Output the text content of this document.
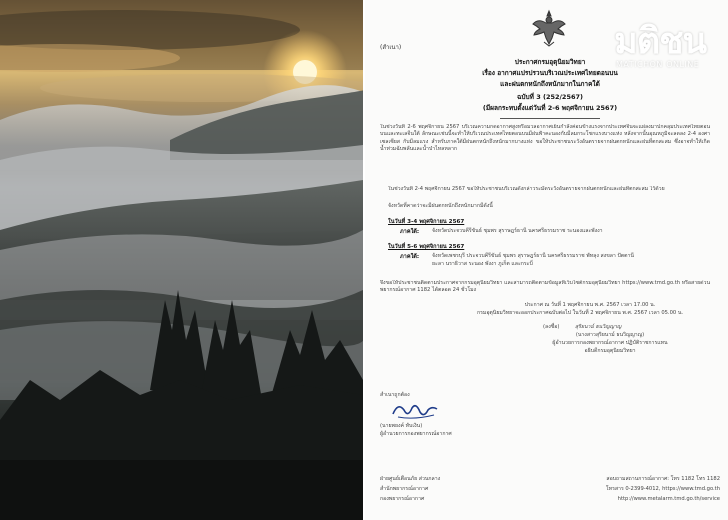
มติชน
MATICHON ONLINE
(สำเนา)
ประกาศกรมอุตุนิยมวิทยา
เรื่อง อากาศแปรปรวนบริเวณประเทศไทยตอนบน
และฝนตกหนักถึงหนักมากในภาคใต้
ฉบับที่ 3 (252/2567)
(มีผลกระทบตั้งแต่วันที่ 2-6 พฤศจิกายน 2567)
ในช่วงวันที่ 2-6 พฤศจิกายน 2567 บริเวณความกดอากาศสูงหรือมวลอากาศเย็นกำลังค่อนข้างแรงจากประเทศจีนจะแผ่ลงมาปกคลุมประเทศไทยตอนบนและทะเลจีนใต้ ลักษณะเช่นนี้จะทำให้บริเวณประเทศไทยตอนบนมีฝนฟ้าคะนองกับมีลมกระโชกแรงบางแห่ง หลังจากนั้นอุณหภูมิจะลดลง 2-4 องศาเซลเซียส กับมีลมแรง สำหรับภาคใต้มีฝนตกหนักถึงหนักมากบางแห่ง ขอให้ประชาชนระวังอันตรายจากฝนตกหนักและฝนที่ตกสะสม ซึ่งอาจทำให้เกิดน้ำท่วมฉับพลันและน้ำป่าไหลหลาก
ในช่วงวันที่ 2-4 พฤศจิกายน 2567 ขอให้ประชาชนบริเวณดังกล่าวระมัดระวังอันตรายจากฝนตกหนักและฝนที่ตกสะสม ไว้ด้วย
จังหวัดที่คาดว่าจะมีฝนตกหนักถึงหนักมากมีดังนี้
ในวันที่ 3-4 พฤศจิกายน 2567
ภาคใต้: จังหวัดประจวบคีรีขันธ์ ชุมพร สุราษฎร์ธานี นครศรีธรรมราช ระนองและพังงา
ในวันที่ 5-6 พฤศจิกายน 2567
ภาคใต้: จังหวัดเพชรบุรี ประจวบคีรีขันธ์ ชุมพร สุราษฎร์ธานี นครศรีธรรมราช พัทลุง สงขลา ปัตตานี
ยะลา นราธิวาส ระนอง พังงา ภูเก็ต และกระบี่
จึงขอให้ประชาชนติดตามประกาศจากกรมอุตุนิยมวิทยา และสามารถติดตามข้อมูลที่เว็บไซต์กรมอุตุนิยมวิทยา https://www.tmd.go.th หรือสายด่วนพยากรณ์อากาศ 1182 ได้ตลอด 24 ชั่วโมง
ประกาศ ณ วันที่ 1 พฤศจิกายน พ.ศ. 2567 เวลา 17.00 น.
กรมอุตุนิยมวิทยาจะออกประกาศฉบับต่อไป ในวันที่ 2 พฤศจิกายน พ.ศ. 2567 เวลา 05.00 น.
(ลงชื่อ)	สุริยนาม์ ธนวิญญาญ
(นางสาวสุริยนาม์ ธนวิญญาญ)
ผู้อำนวยการกองพยากรณ์อากาศ ปฏิบัติราชการแทน
อธิบดีกรมอุตุนิยมวิทยา
สำเนาถูกต้อง
(นายพยงค์ ทับเงิน)
ผู้อำนวยการกองพยากรณ์อากาศ
ฝ่ายศูนย์เตือนภัย ส่วนกลาง
สำนักพยากรณ์อากาศ
กองพยากรณ์อากาศ
สอบถามสถานการณ์อากาศ: โทร 1182 โทร 1182
โทรสาร 0-2399-4012, https://www.tmd.go.th
http://www.metalarm.tmd.go.th/service
